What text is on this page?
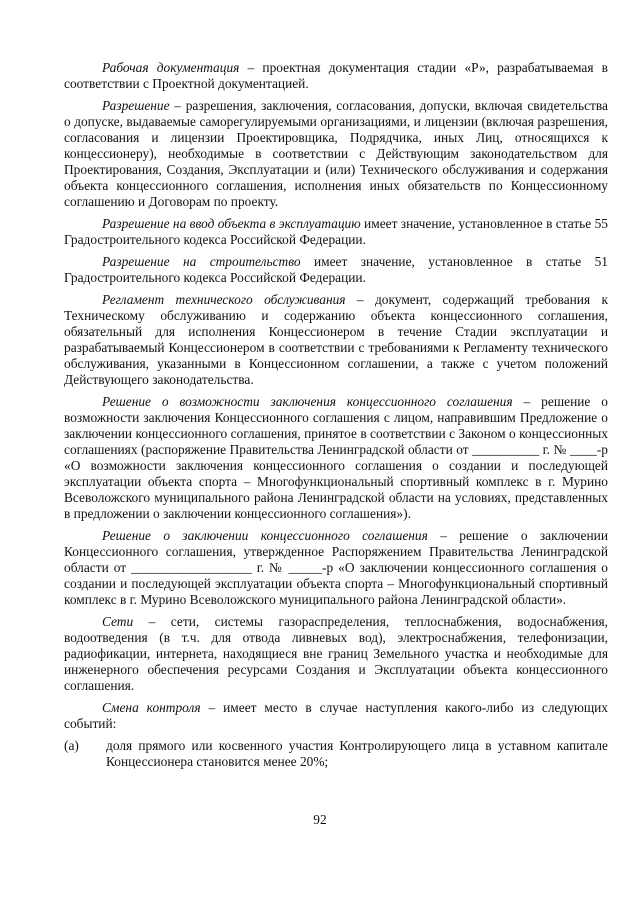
Рабочая документация – проектная документация стадии «Р», разрабатываемая в соответствии с Проектной документацией.

Разрешение – разрешения, заключения, согласования, допуски, включая свидетельства о допуске, выдаваемые саморегулируемыми организациями, и лицензии (включая разрешения, согласования и лицензии Проектировщика, Подрядчика, иных Лиц, относящихся к концессионеру), необходимые в соответствии с Действующим законодательством для Проектирования, Создания, Эксплуатации и (или) Технического обслуживания и содержания объекта концессионного соглашения, исполнения иных обязательств по Концессионному соглашению и Договорам по проекту.

Разрешение на ввод объекта в эксплуатацию имеет значение, установленное в статье 55 Градостроительного кодекса Российской Федерации.

Разрешение на строительство имеет значение, установленное в статье 51 Градостроительного кодекса Российской Федерации.

Регламент технического обслуживания – документ, содержащий требования к Техническому обслуживанию и содержанию объекта концессионного соглашения, обязательный для исполнения Концессионером в течение Стадии эксплуатации и разрабатываемый Концессионером в соответствии с требованиями к Регламенту технического обслуживания, указанными в Концессионном соглашении, а также с учетом положений Действующего законодательства.

Решение о возможности заключения концессионного соглашения – решение о возможности заключения Концессионного соглашения с лицом, направившим Предложение о заключении концессионного соглашения, принятое в соответствии с Законом о концессионных соглашениях (распоряжение Правительства Ленинградской области от __________ г. № ____-р «О возможности заключения концессионного соглашения о создании и последующей эксплуатации объекта спорта – Многофункциональный спортивный комплекс в г. Мурино Всеволожского муниципального района Ленинградской области на условиях, представленных в предложении о заключении концессионного соглашения»).

Решение о заключении концессионного соглашения – решение о заключении Концессионного соглашения, утвержденное Распоряжением Правительства Ленинградской области от __________________ г. № _____-р «О заключении концессионного соглашения о создании и последующей эксплуатации объекта спорта – Многофункциональный спортивный комплекс в г. Мурино Всеволожского муниципального района Ленинградской области».

Сети – сети, системы газораспределения, теплоснабжения, водоснабжения, водоотведения (в т.ч. для отвода ливневых вод), электроснабжения, телефонизации, радиофикации, интернета, находящиеся вне границ Земельного участка и необходимые для инженерного обеспечения ресурсами Создания и Эксплуатации объекта концессионного соглашения.

Смена контроля – имеет место в случае наступления какого-либо из следующих событий:

(a)	доля прямого или косвенного участия Контролирующего лица в уставном капитале Концессионера становится менее 20%;
92
